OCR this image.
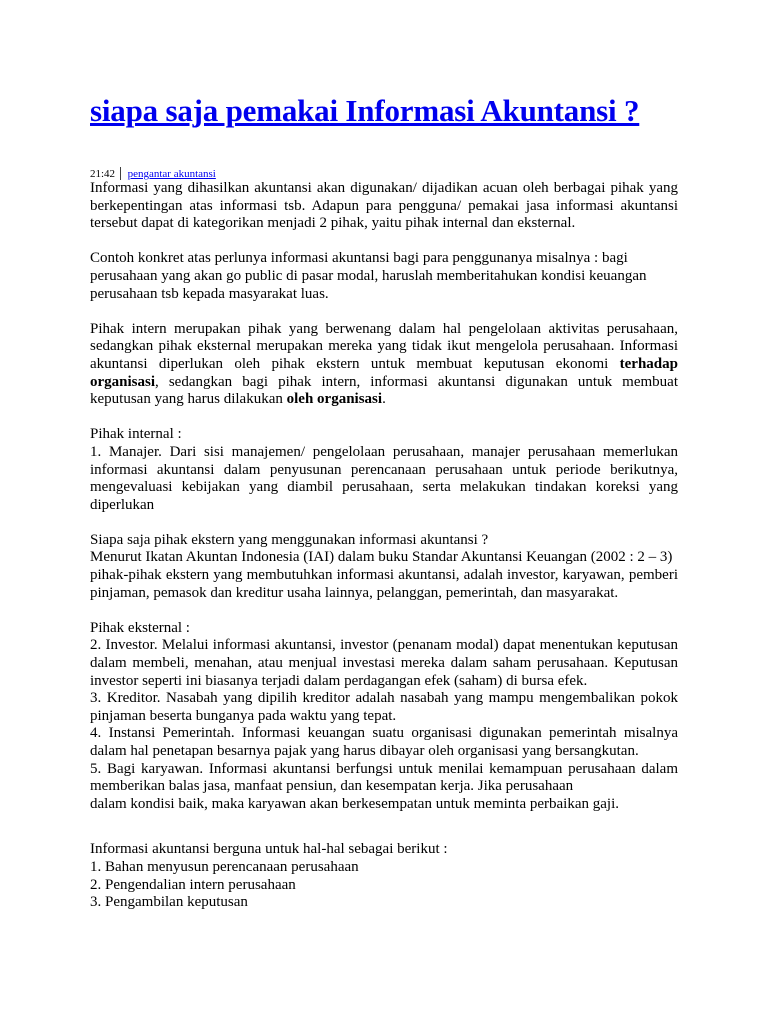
siapa saja pemakai Informasi Akuntansi ?
21:42 | pengantar akuntansi

Informasi yang dihasilkan akuntansi akan digunakan/ dijadikan acuan oleh berbagai pihak yang berkepentingan atas informasi tsb. Adapun para pengguna/ pemakai jasa informasi akuntansi tersebut dapat di kategorikan menjadi 2 pihak, yaitu pihak internal dan eksternal.

Contoh konkret atas perlunya informasi akuntansi bagi para penggunanya misalnya : bagi
perusahaan yang akan go public di pasar modal, haruslah memberitahukan kondisi keuangan
perusahaan tsb kepada masyarakat luas.

Pihak intern merupakan pihak yang berwenang dalam hal pengelolaan aktivitas perusahaan, sedangkan pihak eksternal merupakan mereka yang tidak ikut mengelola perusahaan. Informasi akuntansi diperlukan oleh pihak ekstern untuk membuat keputusan ekonomi terhadap organisasi, sedangkan bagi pihak intern, informasi akuntansi digunakan untuk membuat keputusan yang harus dilakukan oleh organisasi.

Pihak internal :

1. Manajer. Dari sisi manajemen/ pengelolaan perusahaan, manajer perusahaan memerlukan informasi akuntansi dalam penyusunan perencanaan perusahaan untuk periode berikutnya, mengevaluasi kebijakan yang diambil perusahaan, serta melakukan tindakan koreksi yang diperlukan

Siapa saja pihak ekstern yang menggunakan informasi akuntansi ?

Menurut Ikatan Akuntan Indonesia (IAI) dalam buku Standar Akuntansi Keuangan (2002 : 2 – 3)

pihak-pihak ekstern yang membutuhkan informasi akuntansi, adalah investor, karyawan, pemberi pinjaman, pemasok dan kreditur usaha lainnya, pelanggan, pemerintah, dan masyarakat.

Pihak eksternal :

2. Investor. Melalui informasi akuntansi, investor (penanam modal) dapat menentukan keputusan dalam membeli, menahan, atau menjual investasi mereka dalam saham perusahaan. Keputusan investor seperti ini biasanya terjadi dalam perdagangan efek (saham) di bursa efek.

3. Kreditor. Nasabah yang dipilih kreditor adalah nasabah yang mampu mengembalikan pokok pinjaman beserta bunganya pada waktu yang tepat.

4. Instansi Pemerintah. Informasi keuangan suatu organisasi digunakan pemerintah misalnya dalam hal penetapan besarnya pajak yang harus dibayar oleh organisasi yang bersangkutan.

5. Bagi karyawan. Informasi akuntansi berfungsi untuk menilai kemampuan perusahaan dalam memberikan balas jasa, manfaat pensiun, dan kesempatan kerja. Jika perusahaan

dalam kondisi baik, maka karyawan akan berkesempatan untuk meminta perbaikan gaji.

Informasi akuntansi berguna untuk hal-hal sebagai berikut :

1. Bahan menyusun perencanaan perusahaan

2. Pengendalian intern perusahaan

3. Pengambilan keputusan
